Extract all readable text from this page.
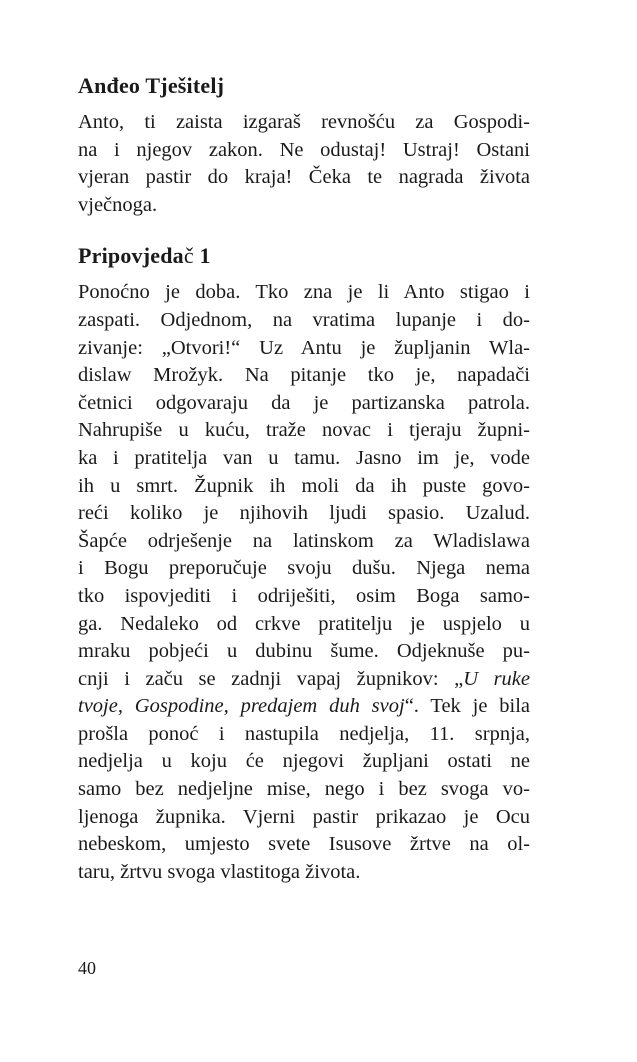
Anđeo Tješitelj
Anto, ti zaista izgaraš revnošću za Gospodi-
na i njegov zakon. Ne odustaj! Ustraj! Ostani
vjeran pastir do kraja! Čeka te nagrada života
vječnoga.
Pripovjedač 1
Ponoćno je doba. Tko zna je li Anto stigao i
zaspati. Odjednom, na vratima lupanje i do-
zivanje: „Otvori!“ Uz Antu je župljanin Wla-
dislaw Mrožyk. Na pitanje tko je, napadači
četnici odgovaraju da je partizanska patrola.
Nahrupiše u kuću, traže novac i tjeraju župni-
ka i pratitelja van u tamu. Jasno im je, vode
ih u smrt. Župnik ih moli da ih puste govo-
reći koliko je njihovih ljudi spasio. Uzalud.
Šapće odrješenje na latinskom za Wladislawa
i Bogu preporučuje svoju dušu. Njega nema
tko ispovjediti i odriješiti, osim Boga samo-
ga. Nedaleko od crkve pratitelju je uspjelo u
mraku pobjeći u dubinu šume. Odjeknuše pu-
cnji i začu se zadnji vapaj župnikov: „U ruke
tvoje, Gospodine, predajem duh svoj“. Tek je bila
prošla ponoć i nastupila nedjelja, 11. srpnja,
nedjelja u koju će njegovi župljani ostati ne
samo bez nedjeljne mise, nego i bez svoga vo-
ljenoga župnika. Vjerni pastir prikazao je Ocu
nebeskom, umjesto svete Isusove žrtve na ol-
taru, žrtvu svoga vlastitoga života.
40
